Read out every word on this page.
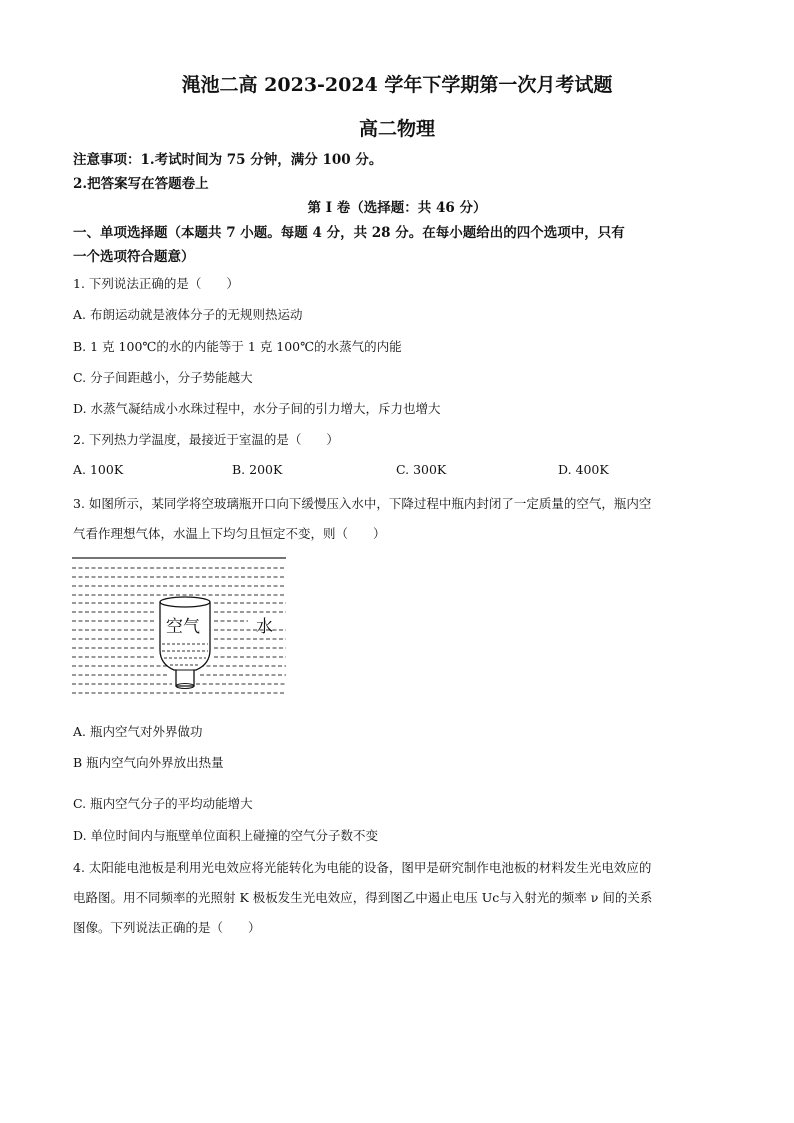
渑池二高 2023-2024 学年下学期第一次月考试题
高二物理
注意事项：1.考试时间为 75 分钟，满分 100 分。
2.把答案写在答题卷上
第 I 卷（选择题：共 46 分）
一、单项选择题（本题共 7 小题。每题 4 分，共 28 分。在每小题给出的四个选项中，只有
一个选项符合题意）
1. 下列说法正确的是（　　）
A. 布朗运动就是液体分子的无规则热运动
B. 1 克 100℃的水的内能等于 1 克 100℃的水蒸气的内能
C. 分子间距越小，分子势能越大
D. 水蒸气凝结成小水珠过程中，水分子间的引力增大，斥力也增大
2. 下列热力学温度，最接近于室温的是（　　）
A. 100K	B. 200K	C. 300K	D. 400K
3. 如图所示，某同学将空玻璃瓶开口向下缓慢压入水中，下降过程中瓶内封闭了一定质量的空气，瓶内空
气看作理想气体，水温上下均匀且恒定不变，则（　　）
空气	水
A. 瓶内空气对外界做功
B 瓶内空气向外界放出热量
C. 瓶内空气分子的平均动能增大
D. 单位时间内与瓶壁单位面积上碰撞的空气分子数不变
4. 太阳能电池板是利用光电效应将光能转化为电能的设备，图甲是研究制作电池板的材料发生光电效应的
电路图。用不同频率的光照射 K 极板发生光电效应，得到图乙中遏止电压 Uc与入射光的频率 ν 间的关系
图像。下列说法正确的是（　　）
